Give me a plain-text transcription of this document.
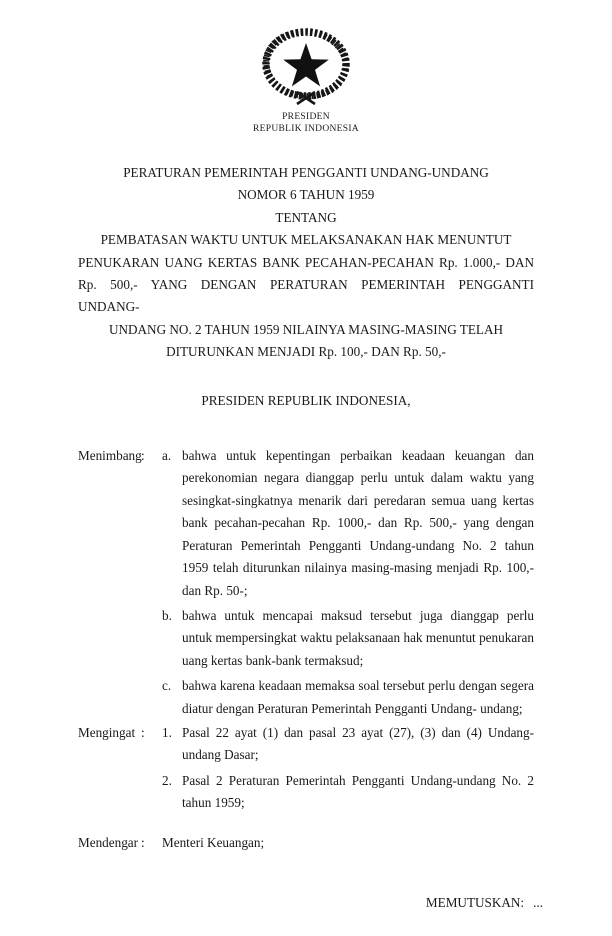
PRESIDEN
REPUBLIK INDONESIA
PERATURAN PEMERINTAH PENGGANTI UNDANG-UNDANG
NOMOR 6 TAHUN 1959
TENTANG
PEMBATASAN WAKTU UNTUK MELAKSANAKAN HAK MENUNTUT
PENUKARAN UANG KERTAS BANK PECAHAN-PECAHAN Rp. 1.000,- DAN
Rp. 500,- YANG DENGAN PERATURAN PEMERINTAH PENGGANTI UNDANG-
UNDANG NO. 2 TAHUN 1959 NILAINYA MASING-MASING TELAH
DITURUNKAN MENJADI Rp. 100,- DAN Rp. 50,-
PRESIDEN REPUBLIK INDONESIA,
Menimbang :	a. bahwa untuk kepentingan perbaikan keadaan keuangan dan perekonomian negara dianggap perlu untuk dalam waktu yang sesingkat-singkatnya menarik dari peredaran semua uang kertas bank pecahan-pecahan Rp. 1000,- dan Rp. 500,- yang dengan Peraturan Pemerintah Pengganti Undang-undang No. 2 tahun 1959 telah diturunkan nilainya masing-masing menjadi Rp. 100,- dan Rp. 50-;
b. bahwa untuk mencapai maksud tersebut juga dianggap perlu untuk mempersingkat waktu pelaksanaan hak menuntut penukaran uang kertas bank-bank termaksud;
c. bahwa karena keadaan memaksa soal tersebut perlu dengan segera diatur dengan Peraturan Pemerintah Pengganti Undang- undang;
Mengingat :	1. Pasal 22 ayat (1) dan pasal 23 ayat (27), (3) dan (4) Undang- undang Dasar;
2. Pasal 2 Peraturan Pemerintah Pengganti Undang-undang No. 2 tahun 1959;
Mendengar :	Menteri Keuangan;
MEMUTUSKAN: ...
